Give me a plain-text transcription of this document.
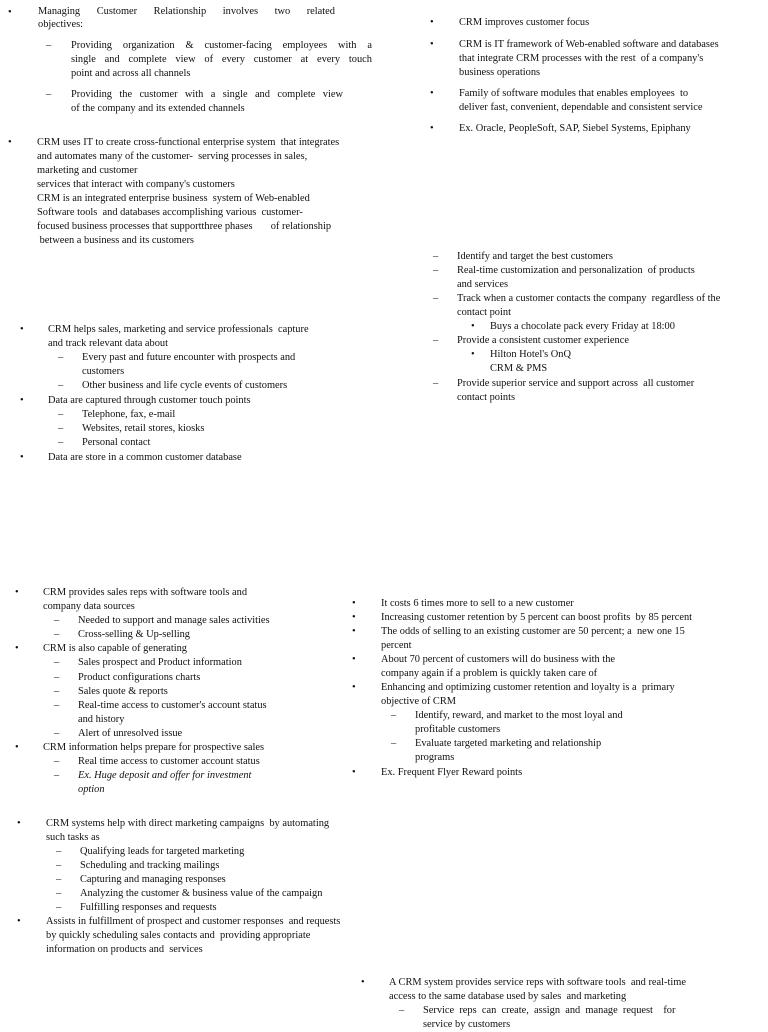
•	Managing Customer Relationship involves two related
objectives:
– Providing organization & customer-facing employees with a
single and complete view of every customer at every touch
point and across all channels
– Providing the customer with a single and complete view
of the company and its extended channels
• CRM improves customer focus
• CRM is IT framework of Web-enabled software and databases
that integrate CRM processes with the rest  of a company's
business operations
• Family of software modules that enables employees  to
deliver fast, convenient, dependable and consistent service
• Ex. Oracle, PeopleSoft, SAP, Siebel Systems, Epiphany
• CRM uses IT to create cross-functional enterprise system  that integrates
and automates many of the customer-  serving processes in sales,
marketing and customer
services that interact with company's customers
CRM is an integrated enterprise business  system of Web-enabled
Software tools  and databases accomplishing various  customer-
focused business processes that supportthree phases       of relationship
between a business and its customers
– Identify and target the best customers
– Real-time customization and personalization  of products
and services
– Track when a customer contacts the company  regardless of the
contact point
• Buys a chocolate pack every Friday at 18:00
– Provide a consistent customer experience
• Hilton Hotel's OnQ
CRM & PMS
– Provide superior service and support across  all customer
contact points
• CRM helps sales, marketing and service professionals  capture
and track relevant data about
– Every past and future encounter with prospects and
customers
– Other business and life cycle events of customers
• Data are captured through customer touch points
– Telephone, fax, e-mail
– Websites, retail stores, kiosks
– Personal contact
• Data are store in a common customer database
• CRM provides sales reps with software tools and
company data sources
– Needed to support and manage sales activities
– Cross-selling & Up-selling
• CRM is also capable of generating
– Sales prospect and Product information
– Product configurations charts
– Sales quote & reports
– Real-time access to customer's account status
and history
– Alert of unresolved issue
• CRM information helps prepare for prospective sales
– Real time access to customer account status
– Ex. Huge deposit and offer for investment
option
• It costs 6 times more to sell to a new customer
• Increasing customer retention by 5 percent can boost profits  by 85 percent
• The odds of selling to an existing customer are 50 percent; a  new one 15
percent
• About 70 percent of customers will do business with the
company again if a problem is quickly taken care of
• Enhancing and optimizing customer retention and loyalty is a  primary
objective of CRM
– Identify, reward, and market to the most loyal and
profitable customers
– Evaluate targeted marketing and relationship
programs
• Ex. Frequent Flyer Reward points
• CRM systems help with direct marketing campaigns  by automating
such tasks as
– Qualifying leads for targeted marketing
– Scheduling and tracking mailings
– Capturing and managing responses
– Analyzing the customer & business value of the campaign
– Fulfilling responses and requests
• Assists in fulfillment of prospect and customer responses  and requests
by quickly scheduling sales contacts and  providing appropriate
information on products and  services
• A CRM system provides service reps with software tools  and real-time
access to the same database used by sales  and marketing
– Service  reps  can  create,  assign  and  manage  request    for
service by customers
